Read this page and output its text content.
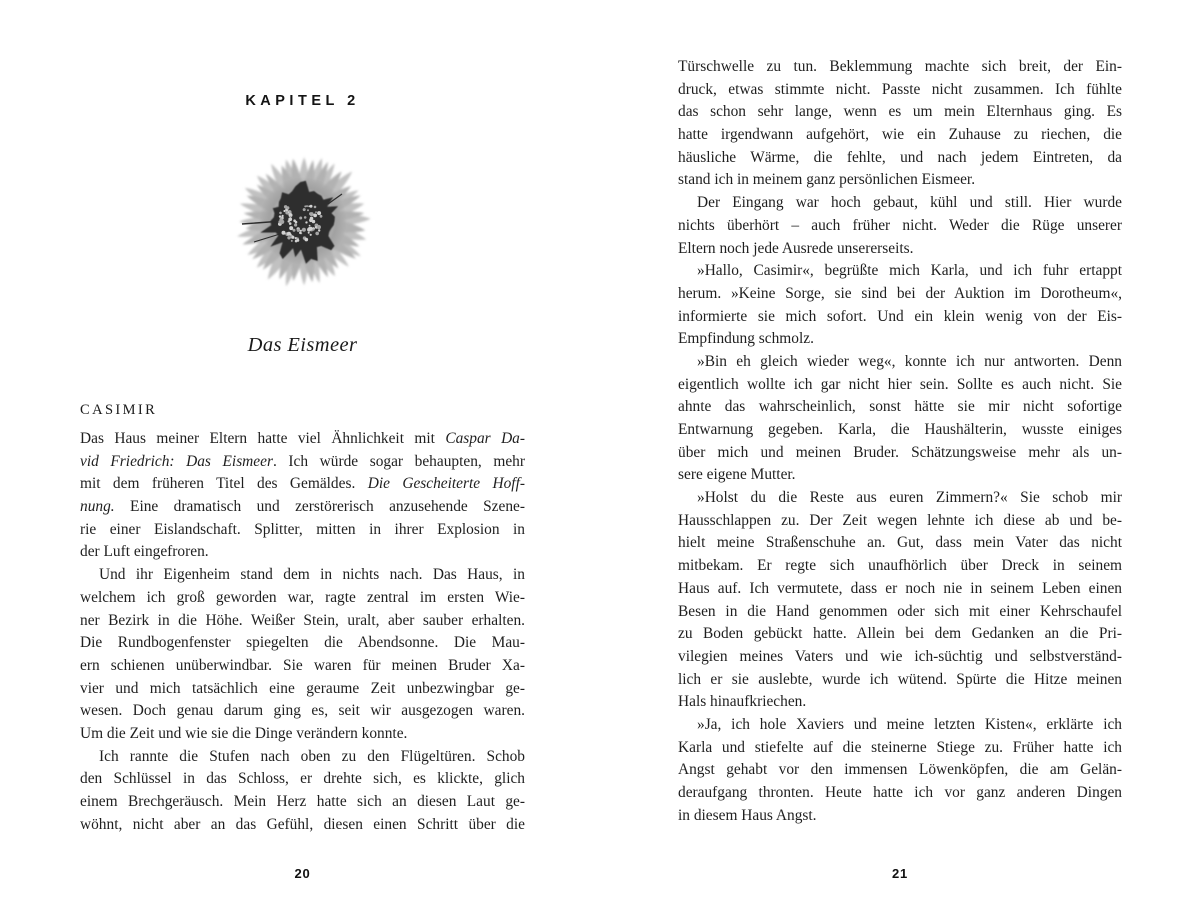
KAPITEL 2
Das Eismeer
CASIMIR
Das Haus meiner Eltern hatte viel Ähnlichkeit mit Caspar Da-
vid Friedrich: Das Eismeer. Ich würde sogar behaupten, mehr
mit dem früheren Titel des Gemäldes. Die Gescheiterte Hoff-
nung. Eine dramatisch und zerstörerisch anzusehende Szene-
rie einer Eislandschaft. Splitter, mitten in ihrer Explosion in
der Luft eingefroren.
Und ihr Eigenheim stand dem in nichts nach. Das Haus, in
welchem ich groß geworden war, ragte zentral im ersten Wie-
ner Bezirk in die Höhe. Weißer Stein, uralt, aber sauber erhalten.
Die Rundbogenfenster spiegelten die Abendsonne. Die Mau-
ern schienen unüberwindbar. Sie waren für meinen Bruder Xa-
vier und mich tatsächlich eine geraume Zeit unbezwingbar ge-
wesen. Doch genau darum ging es, seit wir ausgezogen waren.
Um die Zeit und wie sie die Dinge verändern konnte.
Ich rannte die Stufen nach oben zu den Flügeltüren. Schob
den Schlüssel in das Schloss, er drehte sich, es klickte, glich
einem Brechgeräusch. Mein Herz hatte sich an diesen Laut ge-
wöhnt, nicht aber an das Gefühl, diesen einen Schritt über die
20
Türschwelle zu tun. Beklemmung machte sich breit, der Ein-
druck, etwas stimmte nicht. Passte nicht zusammen. Ich fühlte
das schon sehr lange, wenn es um mein Elternhaus ging. Es
hatte irgendwann aufgehört, wie ein Zuhause zu riechen, die
häusliche Wärme, die fehlte, und nach jedem Eintreten, da
stand ich in meinem ganz persönlichen Eismeer.
Der Eingang war hoch gebaut, kühl und still. Hier wurde
nichts überhört – auch früher nicht. Weder die Rüge unserer
Eltern noch jede Ausrede unsererseits.
»Hallo, Casimir«, begrüßte mich Karla, und ich fuhr ertappt
herum. »Keine Sorge, sie sind bei der Auktion im Dorotheum«,
informierte sie mich sofort. Und ein klein wenig von der Eis-
Empfindung schmolz.
»Bin eh gleich wieder weg«, konnte ich nur antworten. Denn
eigentlich wollte ich gar nicht hier sein. Sollte es auch nicht. Sie
ahnte das wahrscheinlich, sonst hätte sie mir nicht sofortige
Entwarnung gegeben. Karla, die Haushälterin, wusste einiges
über mich und meinen Bruder. Schätzungsweise mehr als un-
sere eigene Mutter.
»Holst du die Reste aus euren Zimmern?« Sie schob mir
Hausschlappen zu. Der Zeit wegen lehnte ich diese ab und be-
hielt meine Straßenschuhe an. Gut, dass mein Vater das nicht
mitbekam. Er regte sich unaufhörlich über Dreck in seinem
Haus auf. Ich vermutete, dass er noch nie in seinem Leben einen
Besen in die Hand genommen oder sich mit einer Kehrschaufel
zu Boden gebückt hatte. Allein bei dem Gedanken an die Pri-
vilegien meines Vaters und wie ich-süchtig und selbstverständ-
lich er sie auslebte, wurde ich wütend. Spürte die Hitze meinen
Hals hinaufkriechen.
»Ja, ich hole Xaviers und meine letzten Kisten«, erklärte ich
Karla und stiefelte auf die steinerne Stiege zu. Früher hatte ich
Angst gehabt vor den immensen Löwenköpfen, die am Gelän-
deraufgang thronten. Heute hatte ich vor ganz anderen Dingen
in diesem Haus Angst.
21
